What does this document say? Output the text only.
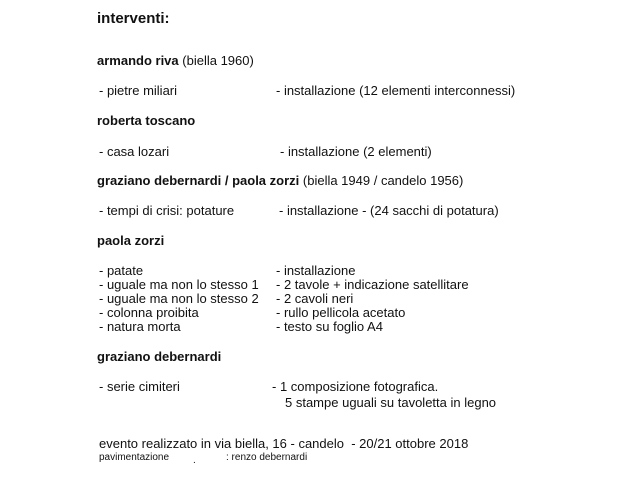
interventi:
armando riva (biella 1960)
- pietre miliari	- installazione (12 elementi interconnessi)
roberta toscano
- casa lozari	- installazione (2 elementi)
graziano debernardi / paola zorzi (biella 1949 / candelo 1956)
- tempi di crisi: potature	- installazione - (24 sacchi di potatura)
paola zorzi
- patate	- installazione
- uguale ma non lo stesso 1 - 2 tavole + indicazione satellitare
- uguale ma non lo stesso 2 - 2 cavoli neri
- colonna proibita	- rullo pellicola acetato
- natura morta	- testo su foglio A4
graziano debernardi
- serie cimiteri	- 1 composizione fotografica.
5 stampe uguali su tavoletta in legno
evento realizzato in via biella, 16 - candelo  - 20/21 ottobre 2018
pavimentazione .	: renzo debernardi
